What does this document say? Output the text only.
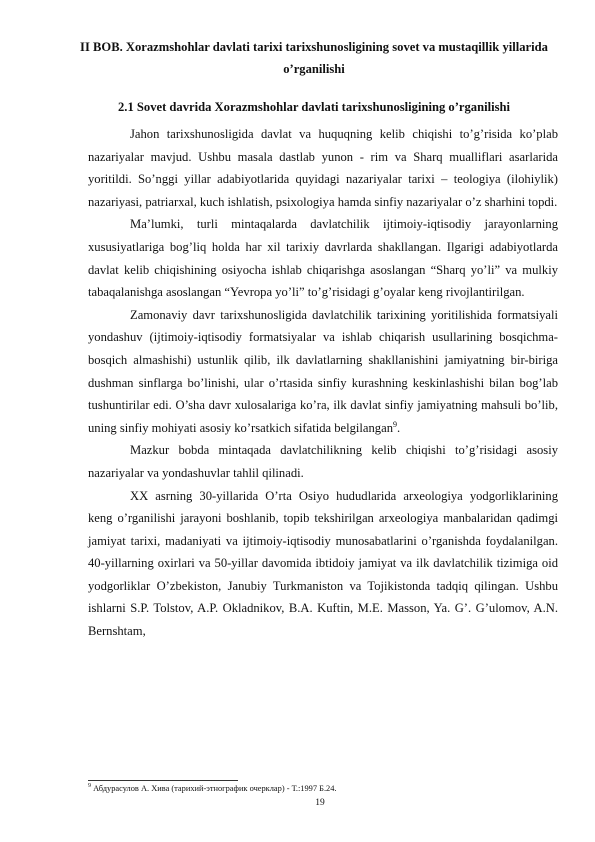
II BOB. Xorazmshohlar davlati tarixi tarixshunosligining sovet va mustaqillik yillarida o’rganilishi
2.1 Sovet davrida Xorazmshohlar davlati tarixshunosligining o’rganilishi

Jahon tarixshunosligida davlat va huquqning kelib chiqishi to’g’risida ko’plab nazariyalar mavjud. Ushbu masala dastlab yunon - rim va Sharq mualliflari asarlarida yoritildi. So’nggi yillar adabiyotlarida quyidagi nazariyalar tarixi – teologiya (ilohiylik) nazariyasi, patriarxal, kuch ishlatish, psixologiya hamda sinfiy nazariyalar o’z sharhini topdi.

Ma’lumki, turli mintaqalarda davlatchilik ijtimoiy-iqtisodiy jarayonlarning xususiyatlariga bog’liq holda har xil tarixiy davrlarda shakllangan. Ilgarigi adabiyotlarda davlat kelib chiqishining osiyocha ishlab chiqarishga asoslangan “Sharq yo’li” va mulkiy tabaqalanishga asoslangan “Yevropa yo’li” to’g’risidagi g’oyalar keng rivojlantirilgan.

Zamonaviy davr tarixshunosligida davlatchilik tarixining yoritilishida formatsiyali yondashuv (ijtimoiy-iqtisodiy formatsiyalar va ishlab chiqarish usullarining bosqichma-bosqich almashishi) ustunlik qilib, ilk davlatlarning shakllanishini jamiyatning bir-biriga dushman sinflarga bo’linishi, ular o’rtasida sinfiy kurashning keskinlashishi bilan bog’lab tushuntirilar edi. O’sha davr xulosalariga ko’ra, ilk davlat sinfiy jamiyatning mahsuli bo’lib, uning sinfiy mohiyati asosiy ko’rsatkich sifatida belgilangan$^9$.

Mazkur bobda mintaqada davlatchilikning kelib chiqishi to’g’risidagi asosiy nazariyalar va yondashuvlar tahlil qilinadi.

XX asrning 30-yillarida O’rta Osiyo hududlarida arxeologiya yodgorliklarining keng o’rganilishi jarayoni boshlanib, topib tekshirilgan arxeologiya manbalaridan qadimgi jamiyat tarixi, madaniyati va ijtimoiy-iqtisodiy munosabatlarini o’rganishda foydalanilgan. 40-yillarning oxirlari va 50-yillar davomida ibtidoiy jamiyat va ilk davlatchilik tizimiga oid yodgorliklar O’zbekiston, Janubiy Turkmaniston va Tojikistonda tadqiq qilingan. Ushbu ishlarni S.P. Tolstov, A.P. Okladnikov, B.A. Kuftin, M.E. Masson, Ya. G’. G’ulomov, A.N. Bernshtam,

$^9$ Абдурасулов А. Хива (тарихий-этнографик очерклар) - Т.:1997 Б.24.

19
